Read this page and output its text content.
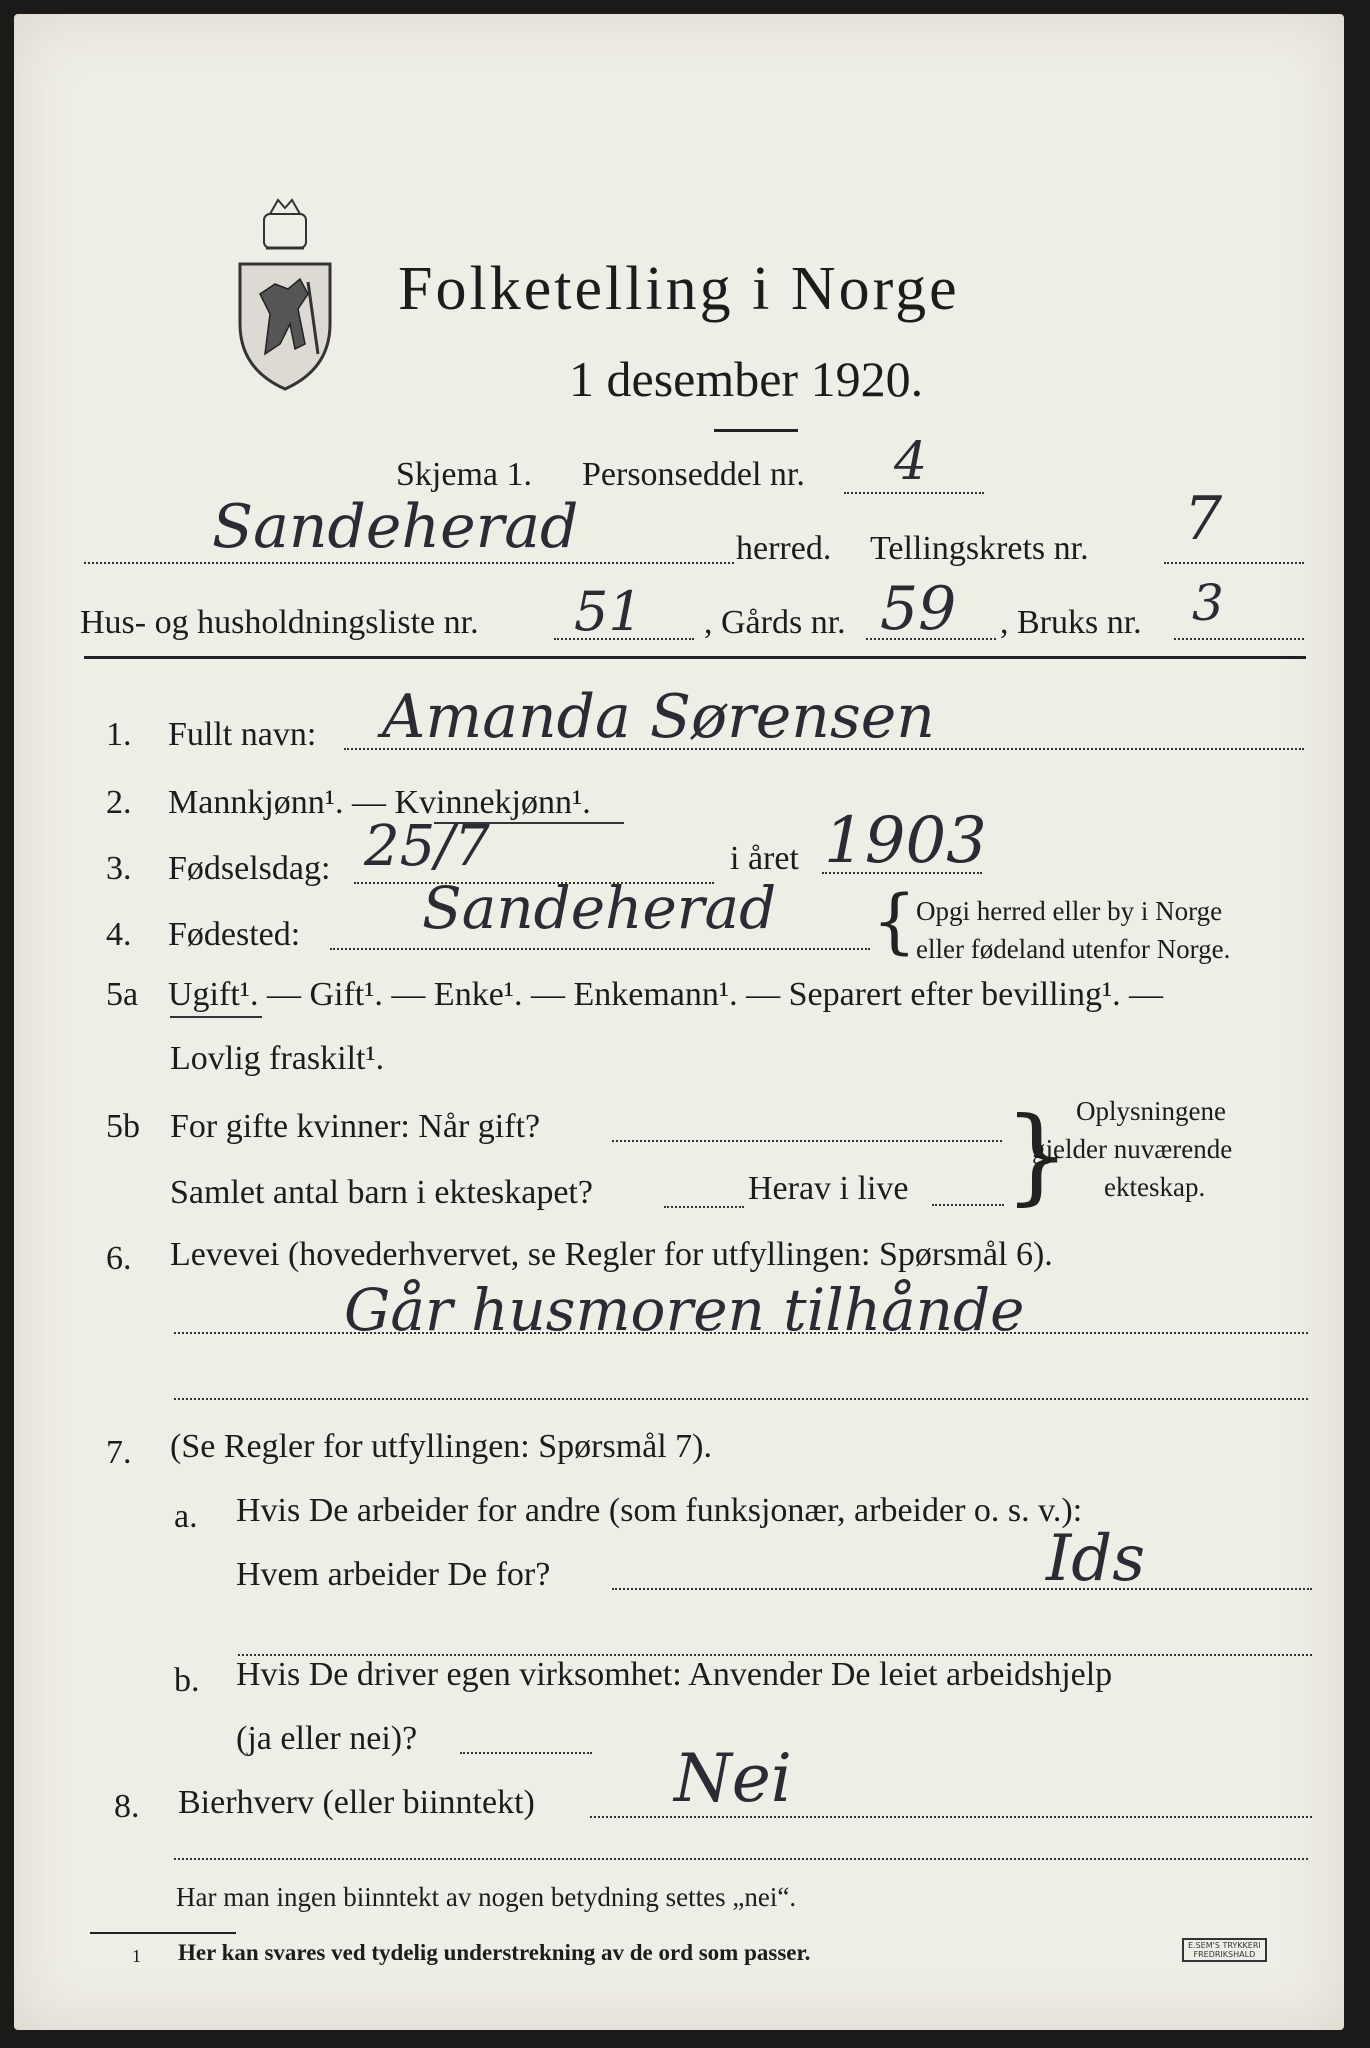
Folketelling i Norge
1 desember 1920.
Skjema 1. Personseddel nr. 4
Sandeherad	herred. Tellingskrets nr. 7
Hus- og husholdningsliste nr. 51 , Gårds nr. 59 , Bruks nr. 3
1. Fullt navn: Amanda Sørensen
2. Mannkjønn¹. — Kvinnekjønn¹.
3. Fødselsdag: 25/7	i året 1903
4. Fødested: Sandeherad { Opgi herred eller by i Norge
eller fødeland utenfor Norge.
5a Ugift¹. — Gift¹. — Enke¹. — Enkemann¹. — Separert efter bevilling¹. —
Lovlig fraskilt¹.
5b For gifte kvinner: Når gift?
Samlet antal barn i ekteskapet?	Herav i live } Oplysningene
gjelder nuværende
ekteskap.
6. Levevei (hovederhvervet, se Regler for utfyllingen: Spørsmål 6).
Går husmoren tilhånde
7. (Se Regler for utfyllingen: Spørsmål 7).
a. Hvis De arbeider for andre (som funksjonær, arbeider o. s. v.):
Hvem arbeider De for?	Ids
b. Hvis De driver egen virksomhet: Anvender De leiet arbeidshjelp
(ja eller nei)?
8. Bierhverv (eller biinntekt) Nei
Har man ingen biinntekt av nogen betydning settes „nei“.
1 Her kan svares ved tydelig understrekning av de ord som passer.	E.SEM'S TRYKKERI
FREDRIKSHALD
